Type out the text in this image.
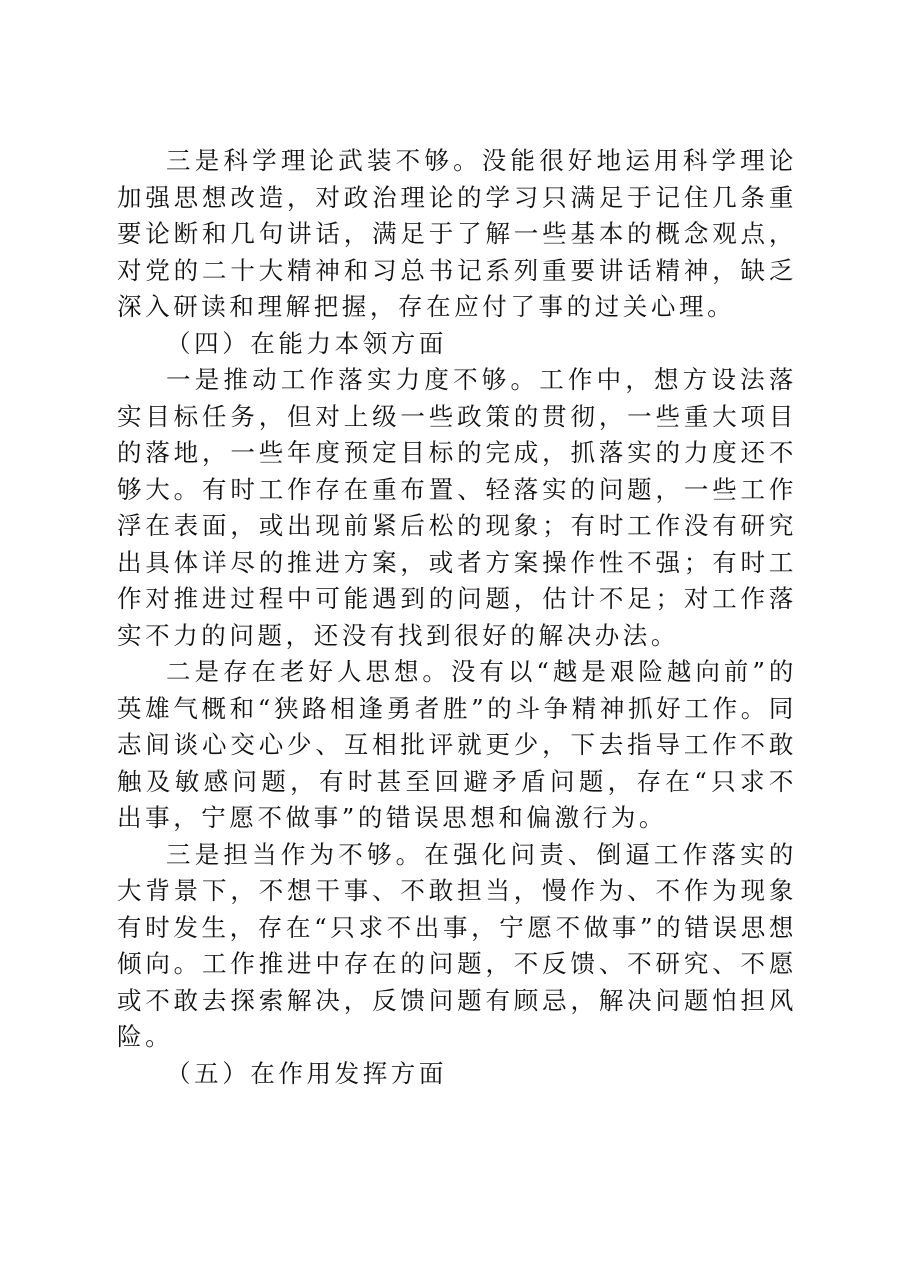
三是科学理论武装不够。没能很好地运用科学理论加强思想改造，对政治理论的学习只满足于记住几条重要论断和几句讲话，满足于了解一些基本的概念观点，对党的二十大精神和习总书记系列重要讲话精神，缺乏深入研读和理解把握，存在应付了事的过关心理。

（四）在能力本领方面

一是推动工作落实力度不够。工作中，想方设法落实目标任务，但对上级一些政策的贯彻，一些重大项目的落地，一些年度预定目标的完成，抓落实的力度还不够大。有时工作存在重布置、轻落实的问题，一些工作浮在表面，或出现前紧后松的现象；有时工作没有研究出具体详尽的推进方案，或者方案操作性不强；有时工作对推进过程中可能遇到的问题，估计不足；对工作落实不力的问题，还没有找到很好的解决办法。

二是存在老好人思想。没有以“越是艰险越向前”的英雄气概和“狭路相逢勇者胜”的斗争精神抓好工作。同志间谈心交心少、互相批评就更少，下去指导工作不敢触及敏感问题，有时甚至回避矛盾问题，存在“只求不出事，宁愿不做事”的错误思想和偏激行为。

三是担当作为不够。在强化问责、倒逼工作落实的大背景下，不想干事、不敢担当，慢作为、不作为现象有时发生，存在“只求不出事，宁愿不做事”的错误思想倾向。工作推进中存在的问题，不反馈、不研究、不愿或不敢去探索解决，反馈问题有顾忌，解决问题怕担风险。

（五）在作用发挥方面
